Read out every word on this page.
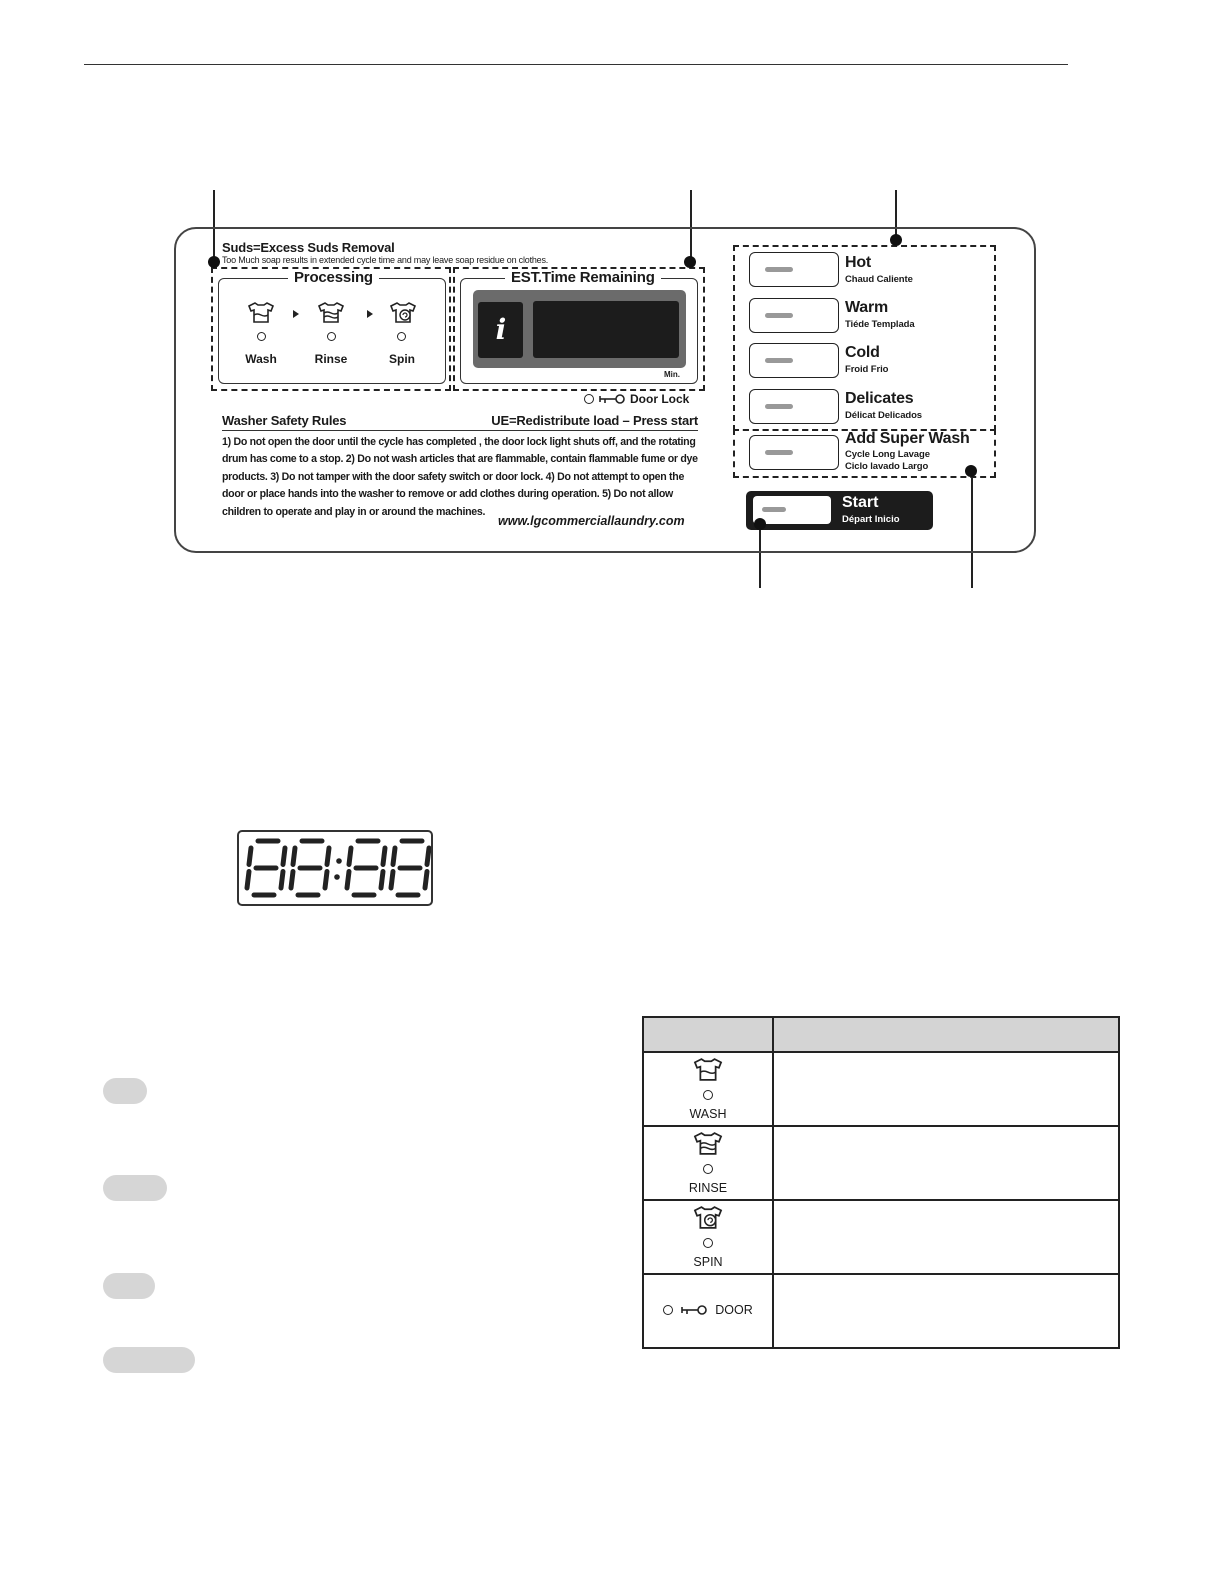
Suds=Excess Suds Removal
Too Much soap results in extended cycle time and may leave soap residue on clothes.
Processing
Wash	Rinse	Spin
EST.Time Remaining
i
Min.
Door Lock
Washer Safety Rules	UE=Redistribute load – Press start
1) Do not open the door until the cycle has completed , the door lock light shuts off, and the rotating
drum has come to a stop. 2) Do not wash articles that are flammable, contain flammable fume or dye
products. 3) Do not tamper with the door safety switch or door lock. 4) Do not attempt to open the
door or place hands into the washer to remove or add clothes during operation. 5) Do not allow
children to operate and play in or around the machines.
www.lgcommerciallaundry.com
Hot
Chaud Caliente
Warm
Tiéde Templada
Cold
Froid Frio
Delicates
Délicat Delicados
Add Super Wash
Cycle Long Lavage
Ciclo lavado Largo
Start
Départ Inicio

WASH	

RINSE	

SPIN	

DOOR	
